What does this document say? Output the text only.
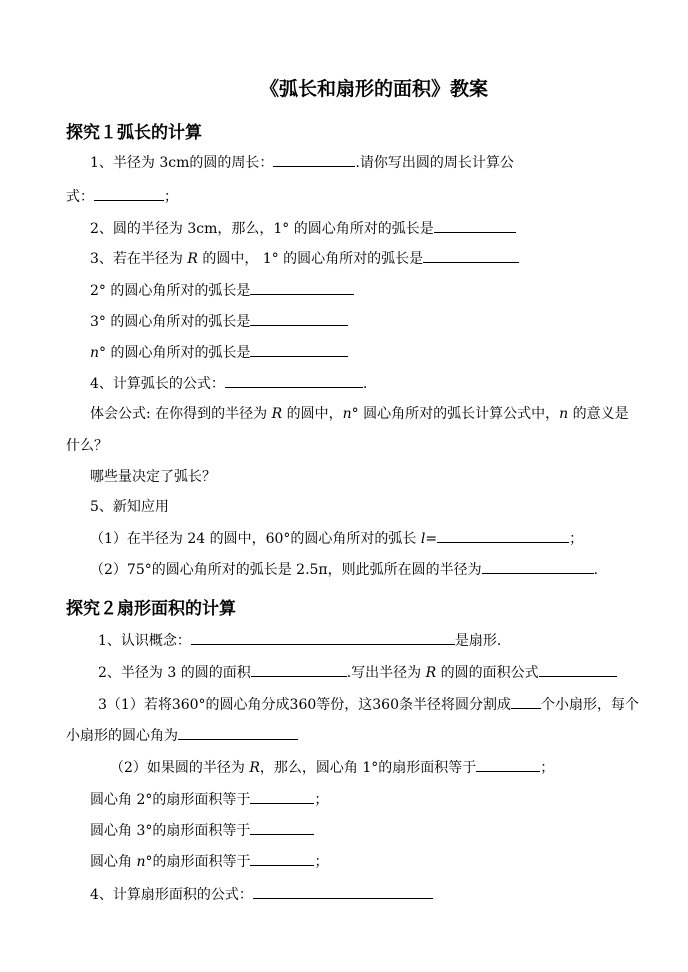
《弧长和扇形的面积》教案
探究１弧长的计算
1、半径为 3cm的圆的周长：	.请你写出圆的周长计算公
式：	；
2、圆的半径为 3cm，那么，1° 的圆心角所对的弧长是
3、若在半径为 R 的圆中， 1° 的圆心角所对的弧长是
2° 的圆心角所对的弧长是
3° 的圆心角所对的弧长是
n° 的圆心角所对的弧长是
4、计算弧长的公式：	.
体会公式: 在你得到的半径为 R 的圆中，n° 圆心角所对的弧长计算公式中，n 的意义是
什么？
哪些量决定了弧长？
5、新知应用
（1）在半径为 24 的圆中，60°的圆心角所对的弧长 l=	；
（2）75°的圆心角所对的弧长是 2.5π，则此弧所在圆的半径为	.
探究２扇形面积的计算
1、认识概念：	是扇形.
2、半径为 3 的圆的面积	.写出半径为 R 的圆的面积公式
3（1）若将360°的圆心角分成360等份，这360条半径将圆分割成 个小扇形，每个
小扇形的圆心角为
（2）如果圆的半径为 R，那么，圆心角 1°的扇形面积等于	；
圆心角 2°的扇形面积等于	；
圆心角 3°的扇形面积等于
圆心角 n°的扇形面积等于	；
4、计算扇形面积的公式：
